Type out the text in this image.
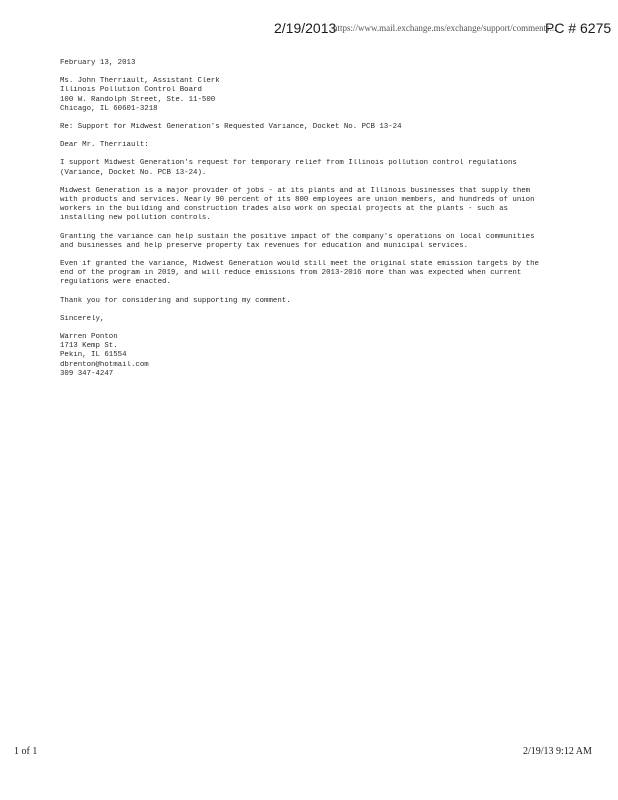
2/19/2013
https://www.mail.exchange.ms/exchange/support/comments...
PC # 6275

February 13, 2013

Ms. John Therriault, Assistant Clerk

Illinois Pollution Control Board

100 W. Randolph Street, Ste. 11-500

Chicago, IL 60601-3218

Re: Support for Midwest Generation's Requested Variance, Docket No. PCB 13-24

Dear Mr. Therriault:

I support Midwest Generation's request for temporary relief from Illinois pollution control regulations

(Variance, Docket No. PCB 13-24).

Midwest Generation is a major provider of jobs - at its plants and at Illinois businesses that supply them

with products and services. Nearly 90 percent of its 800 employees are union members, and hundreds of union

workers in the building and construction trades also work on special projects at the plants - such as

installing new pollution controls.

Granting the variance can help sustain the positive impact of the company's operations on local communities

and businesses and help preserve property tax revenues for education and municipal services.

Even if granted the variance, Midwest Generation would still meet the original state emission targets by the

end of the program in 2019, and will reduce emissions from 2013-2016 more than was expected when current

regulations were enacted.

Thank you for considering and supporting my comment.

Sincerely,

Warren Ponton

1713 Kemp St.

Pekin, IL 61554

dbrenton@hotmail.com

309 347-4247

1 of 1	2/19/13 9:12 AM
